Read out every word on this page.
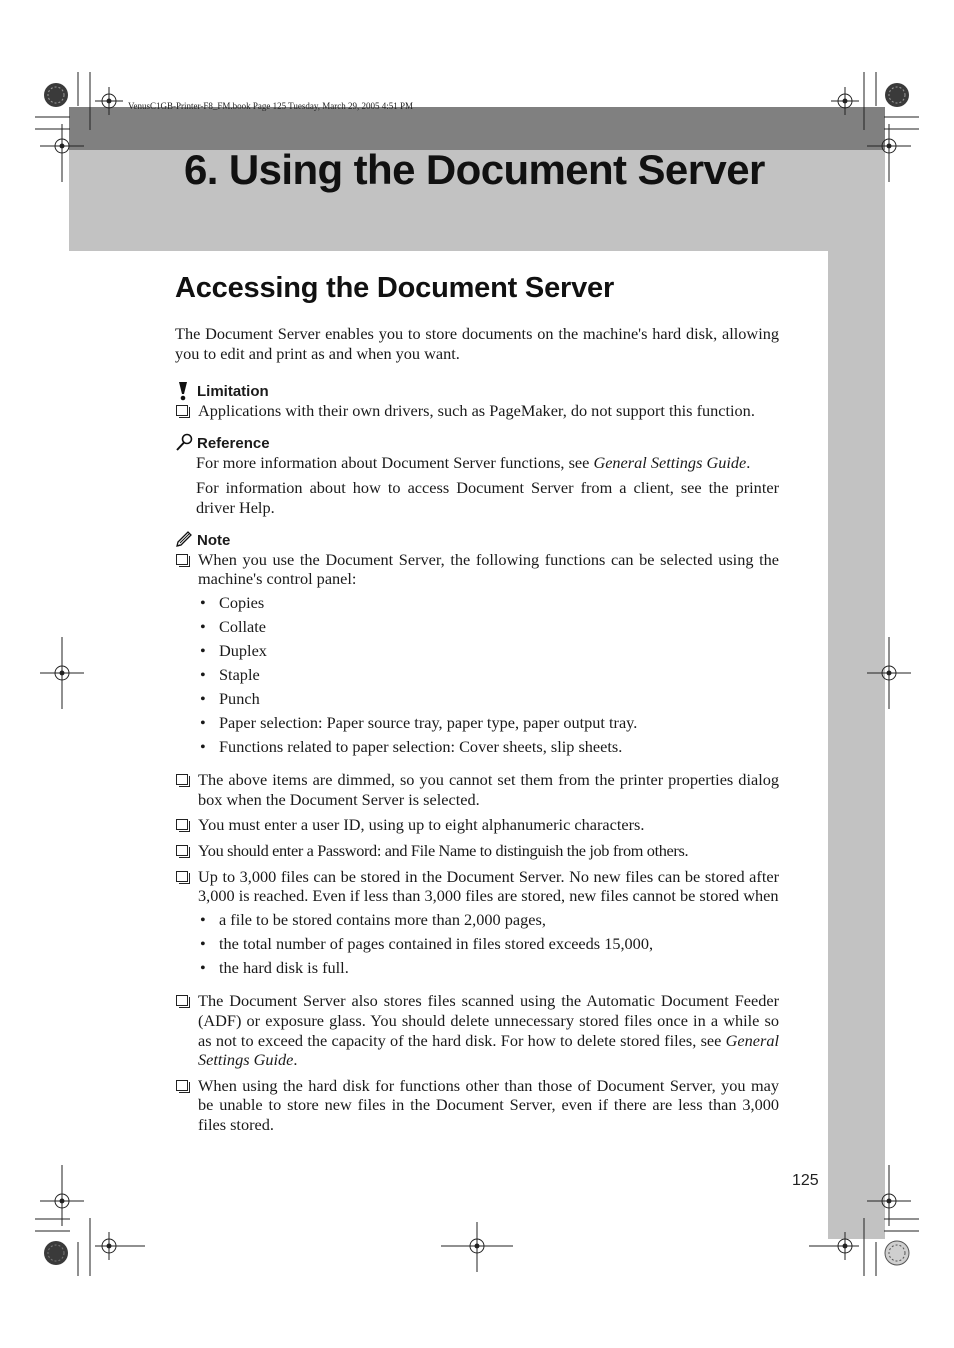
VenusC1GB-Printer-F8_FM.book Page 125 Tuesday, March 29, 2005 4:51 PM
6. Using the Document Server
Accessing the Document Server

The Document Server enables you to store documents on the machine's hard disk, allowing you to edit and print as and when you want.

Limitation
Applications with their own drivers, such as PageMaker, do not support this function.
Reference

For more information about Document Server functions, see General Settings Guide.

For information about how to access Document Server from a client, see the printer driver Help.

Note
When you use the Document Server, the following functions can be selected using the machine's control panel:
• Copies
• Collate
• Duplex
• Staple
• Punch
• Paper selection: Paper source tray, paper type, paper output tray.
• Functions related to paper selection: Cover sheets, slip sheets.
The above items are dimmed, so you cannot set them from the printer properties dialog box when the Document Server is selected.
You must enter a user ID, using up to eight alphanumeric characters.
You should enter a Password: and File Name to distinguish the job from others.
Up to 3,000 files can be stored in the Document Server. No new files can be stored after 3,000 is reached. Even if less than 3,000 files are stored, new files cannot be stored when
• a file to be stored contains more than 2,000 pages,
• the total number of pages contained in files stored exceeds 15,000,
• the hard disk is full.
The Document Server also stores files scanned using the Automatic Document Feeder (ADF) or exposure glass. You should delete unnecessary stored files once in a while so as not to exceed the capacity of the hard disk. For how to delete stored files, see General Settings Guide.
When using the hard disk for functions other than those of Document Server, you may be unable to store new files in the Document Server, even if there are less than 3,000 files stored.
125
